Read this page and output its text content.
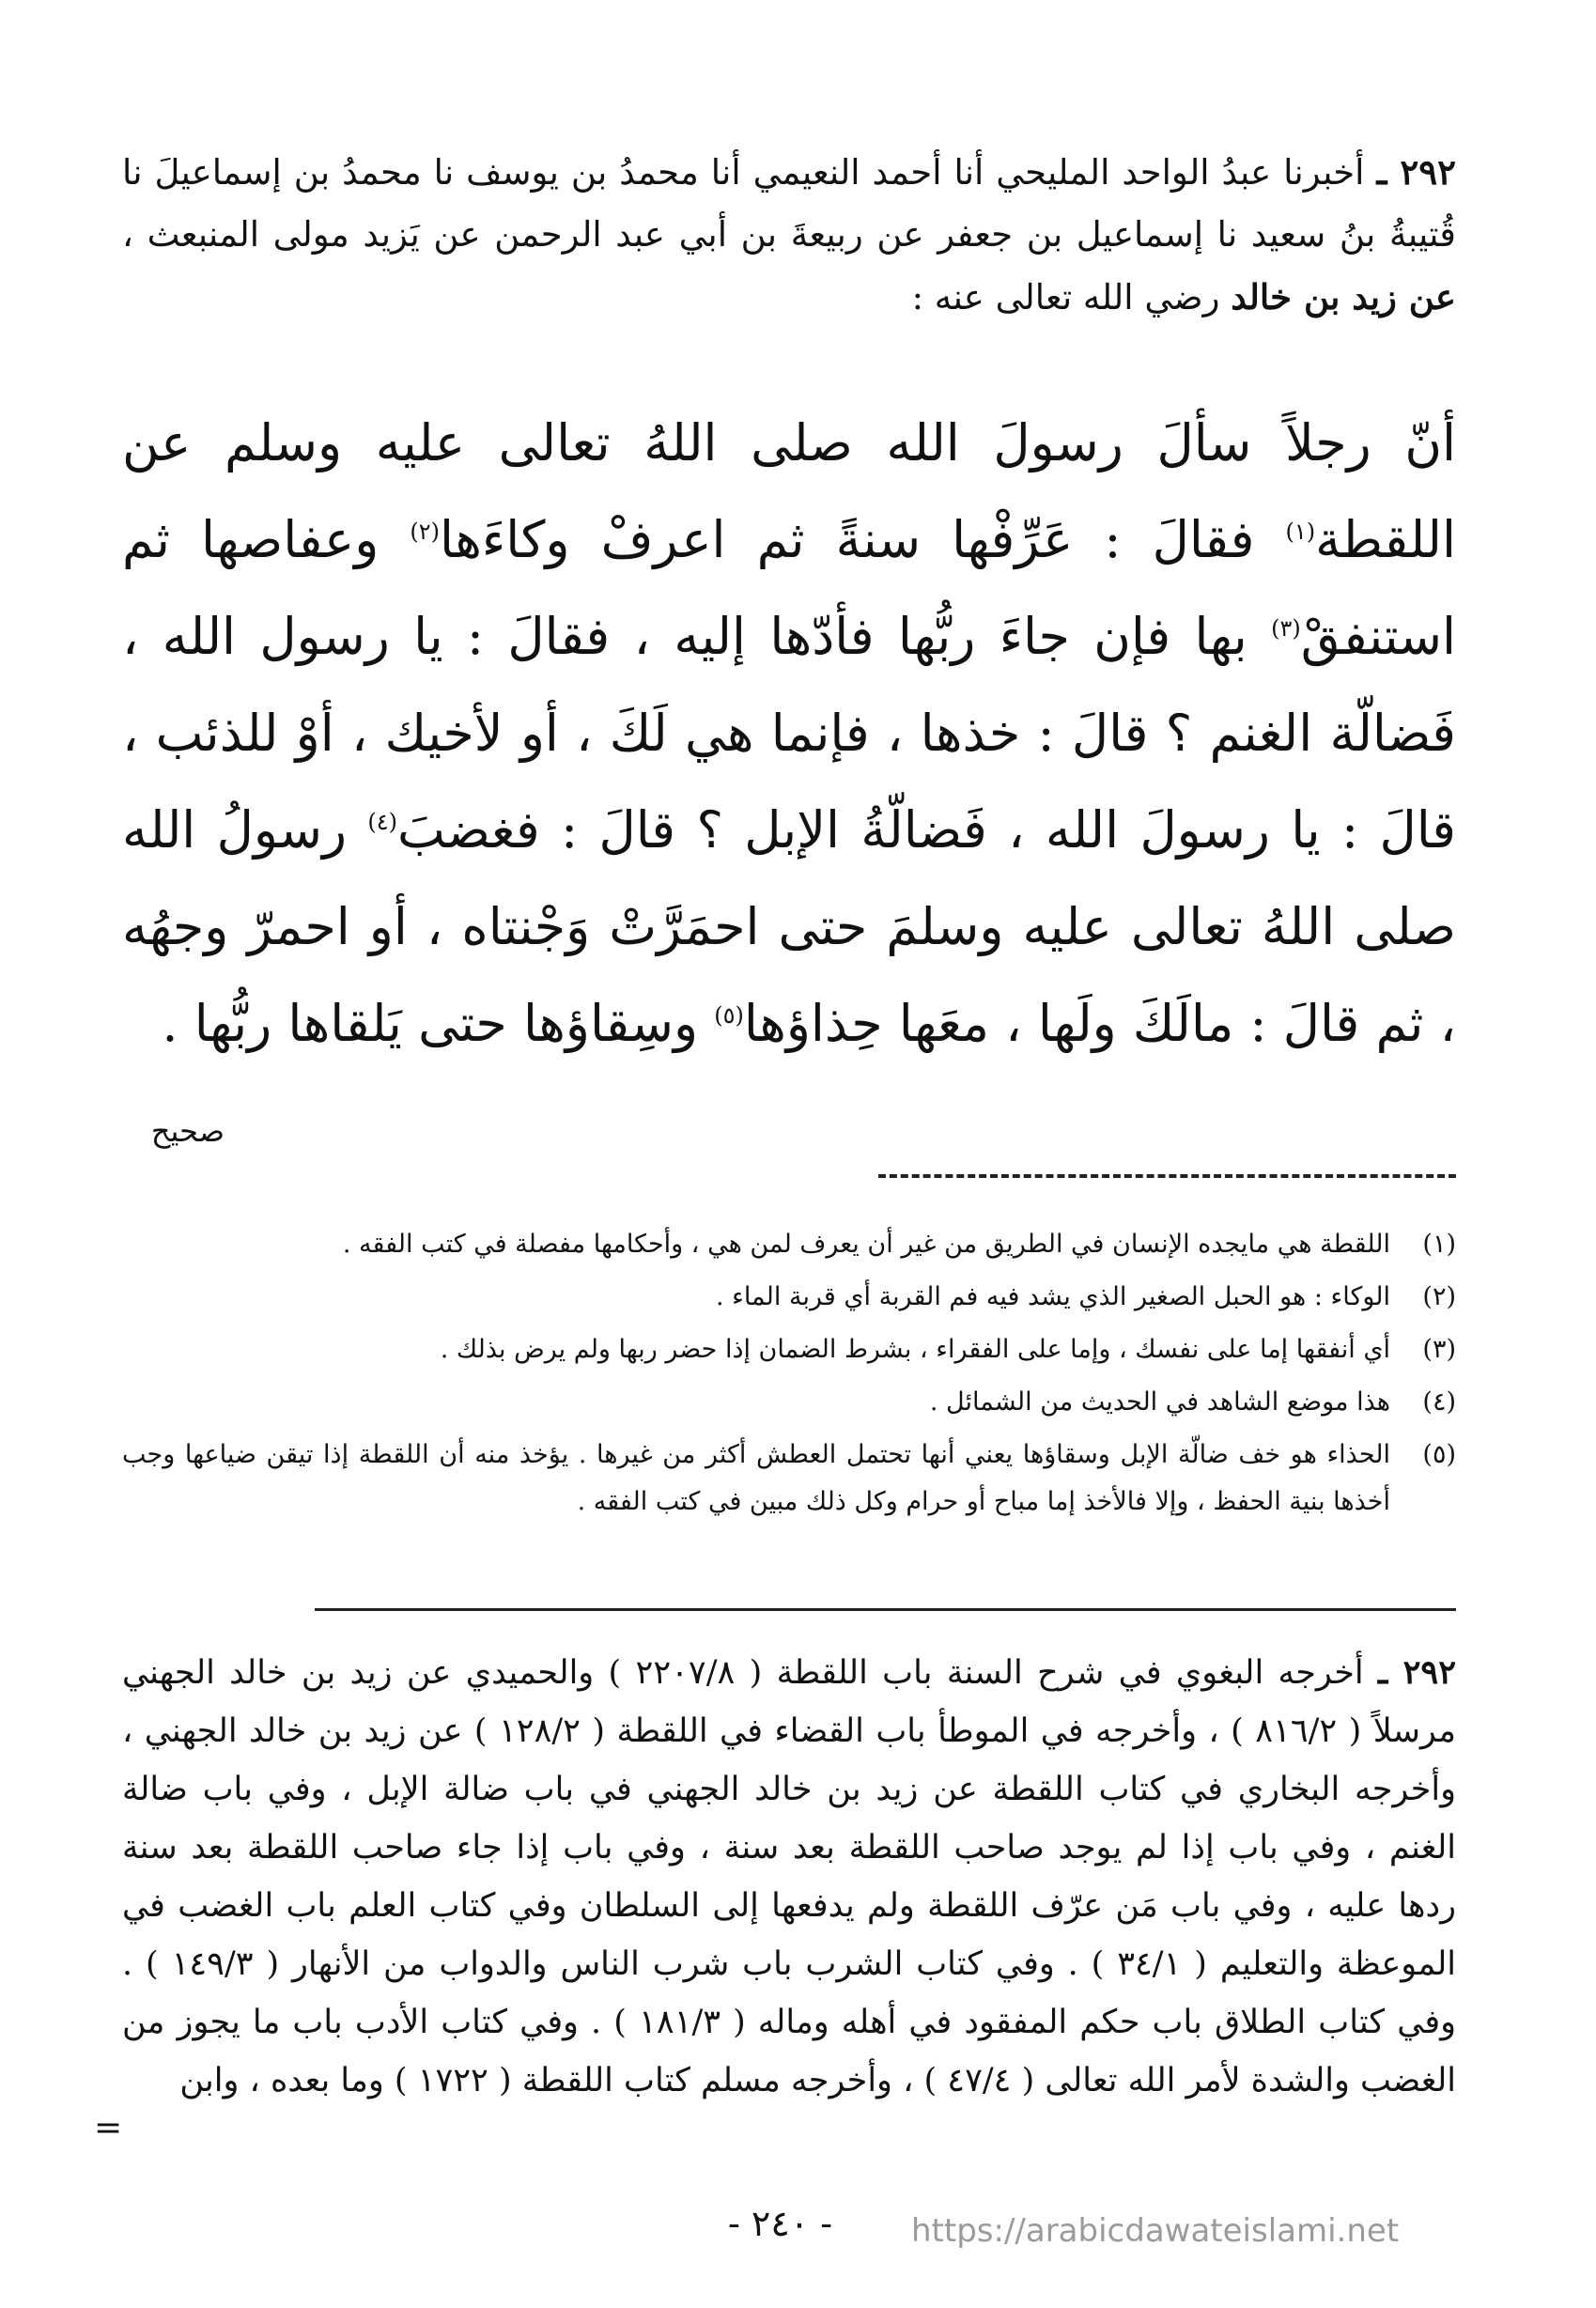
٢٩٢ ـ أخبرنا عبدُ الواحد المليحي أنا أحمد النعيمي أنا محمدُ بن يوسف نا محمدُ بن إسماعيلَ نا قُتيبةُ بنُ سعيد نا إسماعيل بن جعفر عن ربيعةَ بن أبي عبد الرحمن عن يَزيد مولى المنبعث ، عن زيد بن خالد رضي الله تعالى عنه :

أنّ رجلاً سألَ رسولَ الله صلى اللهُ تعالى عليه وسلم عن اللقطة$^{(١)}$ فقالَ : عَرِّفْها سنةً ثم اعرفْ وكاءَها$^{(٢)}$ وعفاصها ثم استنفقْ$^{(٣)}$ بها فإن جاءَ ربُّها فأدّها إليه ، فقالَ : يا رسول الله ، فَضالّة الغنم ؟ قالَ : خذها ، فإنما هي لَكَ ، أو لأخيك ، أوْ للذئب ، قالَ : يا رسولَ الله ، فَضالّةُ الإبل ؟ قالَ : فغضبَ$^{(٤)}$ رسولُ الله صلى اللهُ تعالى عليه وسلمَ حتى احمَرَّتْ وَجْنتاه ، أو احمرّ وجهُه ، ثم قالَ : مالَكَ ولَها ، معَها حِذاؤها$^{(٥)}$ وسِقاؤها حتى يَلقاها ربُّها .

صحيح
(١)
اللقطة هي مايجده الإنسان في الطريق من غير أن يعرف لمن هي ، وأحكامها مفصلة في كتب الفقه .
(٢)
الوكاء : هو الحبل الصغير الذي يشد فيه فم القربة أي قربة الماء .
(٣)
أي أنفقها إما على نفسك ، وإما على الفقراء ، بشرط الضمان إذا حضر ربها ولم يرض بذلك .
(٤)
هذا موضع الشاهد في الحديث من الشمائل .
(٥)
الحذاء هو خف ضالّة الإبل وسقاؤها يعني أنها تحتمل العطش أكثر من غيرها . يؤخذ منه أن اللقطة إذا تيقن ضياعها وجب أخذها بنية الحفظ ، وإلا فالأخذ إما مباح أو حرام وكل ذلك مبين في كتب الفقه .

٢٩٢ ـ أخرجه البغوي في شرح السنة باب اللقطة ( ٢٢٠٧/٨ ) والحميدي عن زيد بن خالد الجهني مرسلاً ( ٨١٦/٢ ) ، وأخرجه في الموطأ باب القضاء في اللقطة ( ١٢٨/٢ ) عن زيد بن خالد الجهني ، وأخرجه البخاري في كتاب اللقطة عن زيد بن خالد الجهني في باب ضالة الإبل ، وفي باب ضالة الغنم ، وفي باب إذا لم يوجد صاحب اللقطة بعد سنة ، وفي باب إذا جاء صاحب اللقطة بعد سنة ردها عليه ، وفي باب مَن عرّف اللقطة ولم يدفعها إلى السلطان وفي كتاب العلم باب الغضب في الموعظة والتعليم ( ٣٤/١ ) . وفي كتاب الشرب باب شرب الناس والدواب من الأنهار ( ١٤٩/٣ ) . وفي كتاب الطلاق باب حكم المفقود في أهله وماله ( ١٨١/٣ ) . وفي كتاب الأدب باب ما يجوز من الغضب والشدة لأمر الله تعالى ( ٤٧/٤ ) ، وأخرجه مسلم كتاب اللقطة ( ١٧٢٢ ) وما بعده ، وابن

=
- ٢٤٠ - https://arabicdawateislami.net
